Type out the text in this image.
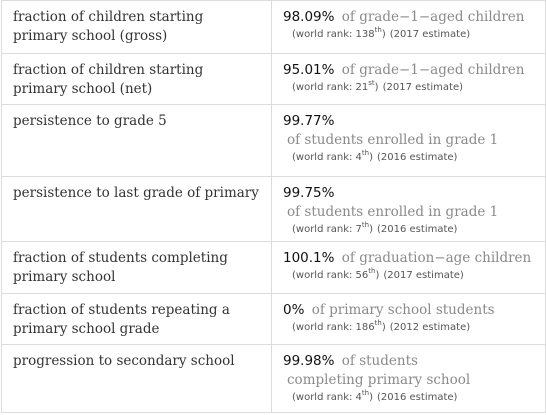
fraction of children starting primary school (gross)	98.09% of grade−1−aged children
(world rank: 138th) (2017 estimate)

fraction of children starting primary school (net)	95.01% of grade−1−aged children
(world rank: 21st) (2017 estimate)

persistence to grade 5	99.77%
of students enrolled in grade 1
(world rank: 4th) (2016 estimate)

persistence to last grade of primary	99.75%
of students enrolled in grade 1
(world rank: 7th) (2016 estimate)

fraction of students completing primary school	100.1% of graduation−age children
(world rank: 56th) (2017 estimate)

fraction of students repeating a primary school grade	0% of primary school students
(world rank: 186th) (2012 estimate)

progression to secondary school	99.98% of students
completing primary school
(world rank: 4th) (2016 estimate)
